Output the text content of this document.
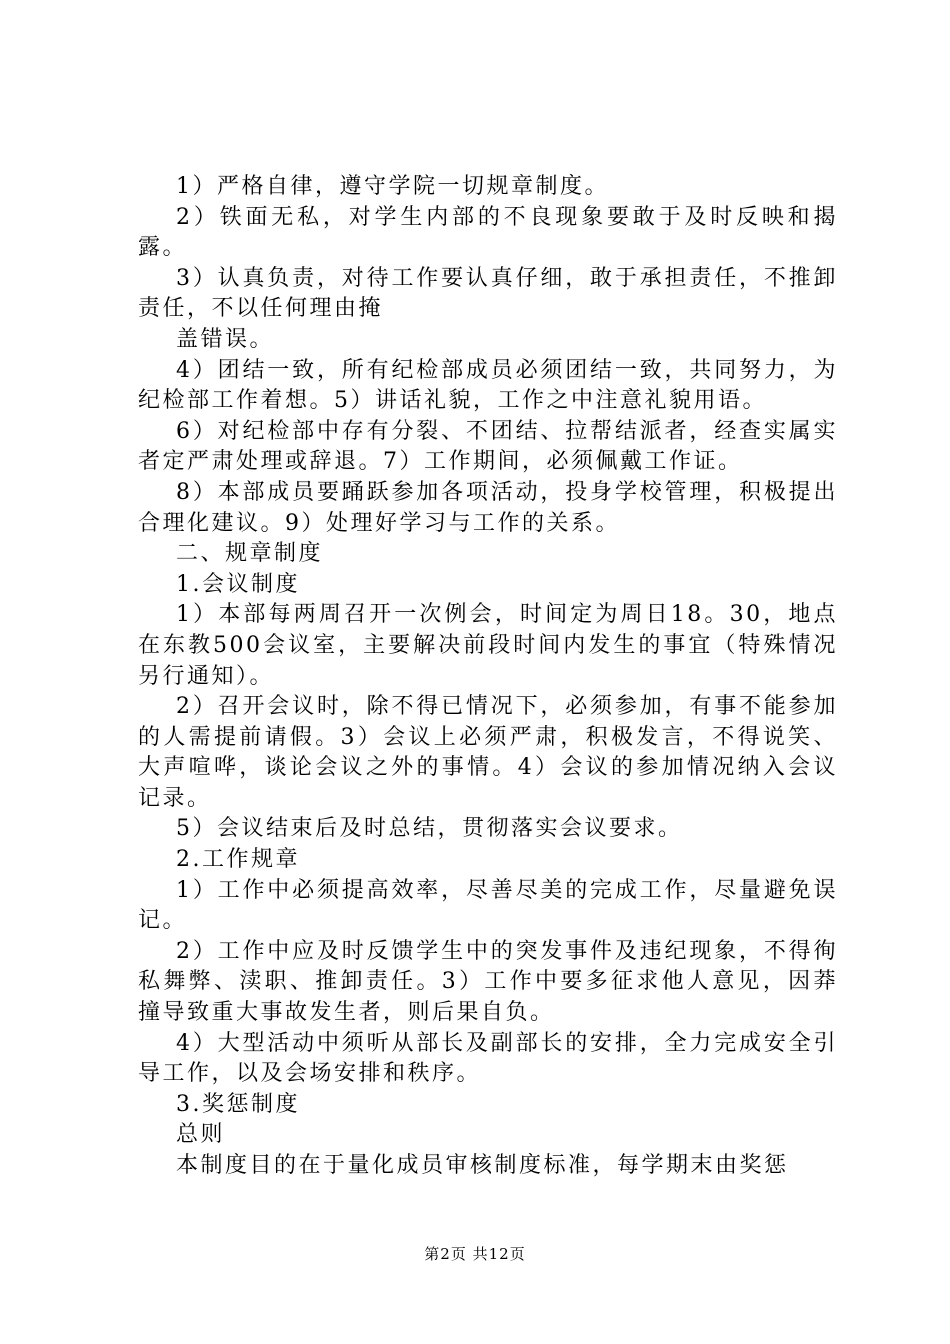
1）严格自律，遵守学院一切规章制度。

2）铁面无私，对学生内部的不良现象要敢于及时反映和揭露。

3）认真负责，对待工作要认真仔细，敢于承担责任，不推卸责任，不以任何理由掩

盖错误。

4）团结一致，所有纪检部成员必须团结一致，共同努力，为纪检部工作着想。5）讲话礼貌，工作之中注意礼貌用语。

6）对纪检部中存有分裂、不团结、拉帮结派者，经查实属实者定严肃处理或辞退。7）工作期间，必须佩戴工作证。

8）本部成员要踊跃参加各项活动，投身学校管理，积极提出合理化建议。9）处理好学习与工作的关系。

二、规章制度

1.会议制度

1）本部每两周召开一次例会，时间定为周日18。30，地点在东教500会议室，主要解决前段时间内发生的事宜（特殊情况另行通知）。

2）召开会议时，除不得已情况下，必须参加，有事不能参加的人需提前请假。3）会议上必须严肃，积极发言，不得说笑、大声喧哗，谈论会议之外的事情。4）会议的参加情况纳入会议记录。

5）会议结束后及时总结，贯彻落实会议要求。

2.工作规章

1）工作中必须提高效率，尽善尽美的完成工作，尽量避免误记。

2）工作中应及时反馈学生中的突发事件及违纪现象，不得徇私舞弊、渎职、推卸责任。3）工作中要多征求他人意见，因莽撞导致重大事故发生者，则后果自负。

4）大型活动中须听从部长及副部长的安排，全力完成安全引导工作，以及会场安排和秩序。

3.奖惩制度

总则

本制度目的在于量化成员审核制度标准，每学期末由奖惩

第2页 共12页
